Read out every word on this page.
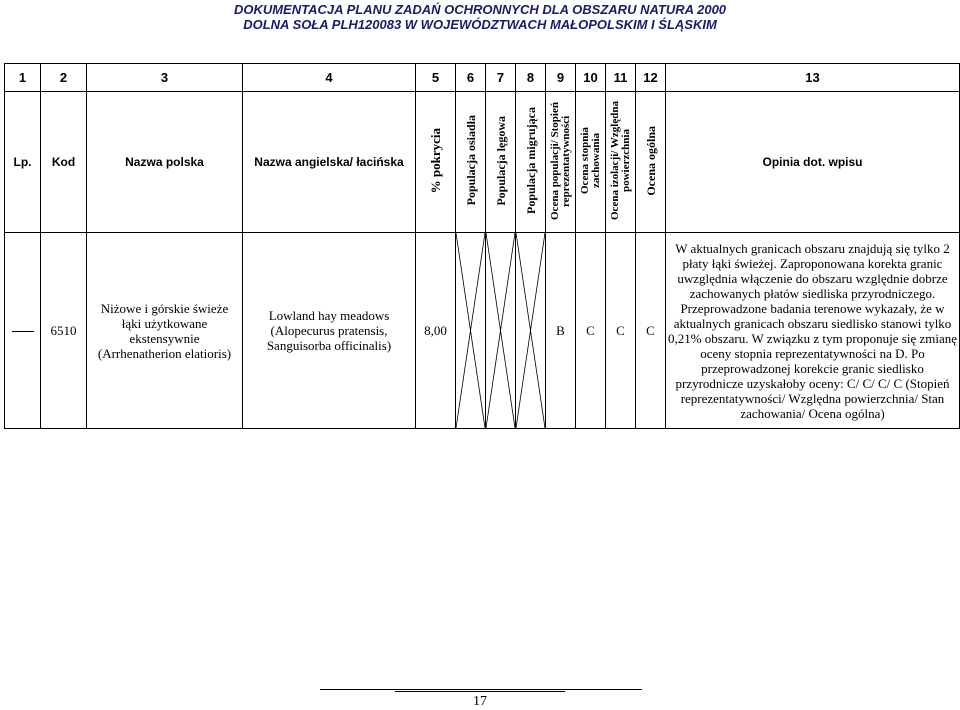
DOKUMENTACJA PLANU ZADAŃ OCHRONNYCH DLA OBSZARU NATURA 2000
DOLNA SOŁA PLH120083 W WOJEWÓDZTWACH MAŁOPOLSKIM I ŚLĄSKIM
1	2	3	4	5	6	7	8	9	10	11	12	13
Lp.	Kod	Nazwa polska	Nazwa angielska/ łacińska	% pokrycia	Populacja osiadła	Populacja lęgowa	Populacja migrująca	Ocena populacji/ Stopień reprezentatywności	Ocena stopnia zachowania	Ocena izolacji/ Względna powierzchnia	Ocena ogólna	Opinia dot. wpisu
	6510	Niżowe i górskie świeże łąki użytkowane ekstensywnie (Arrhenatherion elatioris)	Lowland hay meadows (Alopecurus pratensis, Sanguisorba officinalis)	8,00				B	C	C	C	W aktualnych granicach obszaru znajdują się tylko 2 płaty łąki świeżej. Zaproponowana korekta granic uwzględnia włączenie do obszaru względnie dobrze zachowanych płatów siedliska przyrodniczego. Przeprowadzone badania terenowe wykazały, że w aktualnych granicach obszaru siedlisko stanowi tylko 0,21% obszaru. W związku z tym proponuje się zmianę oceny stopnia reprezentatywności na D. Po przeprowadzonej korekcie granic siedlisko przyrodnicze uzyskałoby oceny: C/ C/ C/ C (Stopień reprezentatywności/ Względna powierzchnia/ Stan zachowania/ Ocena ogólna)
17
